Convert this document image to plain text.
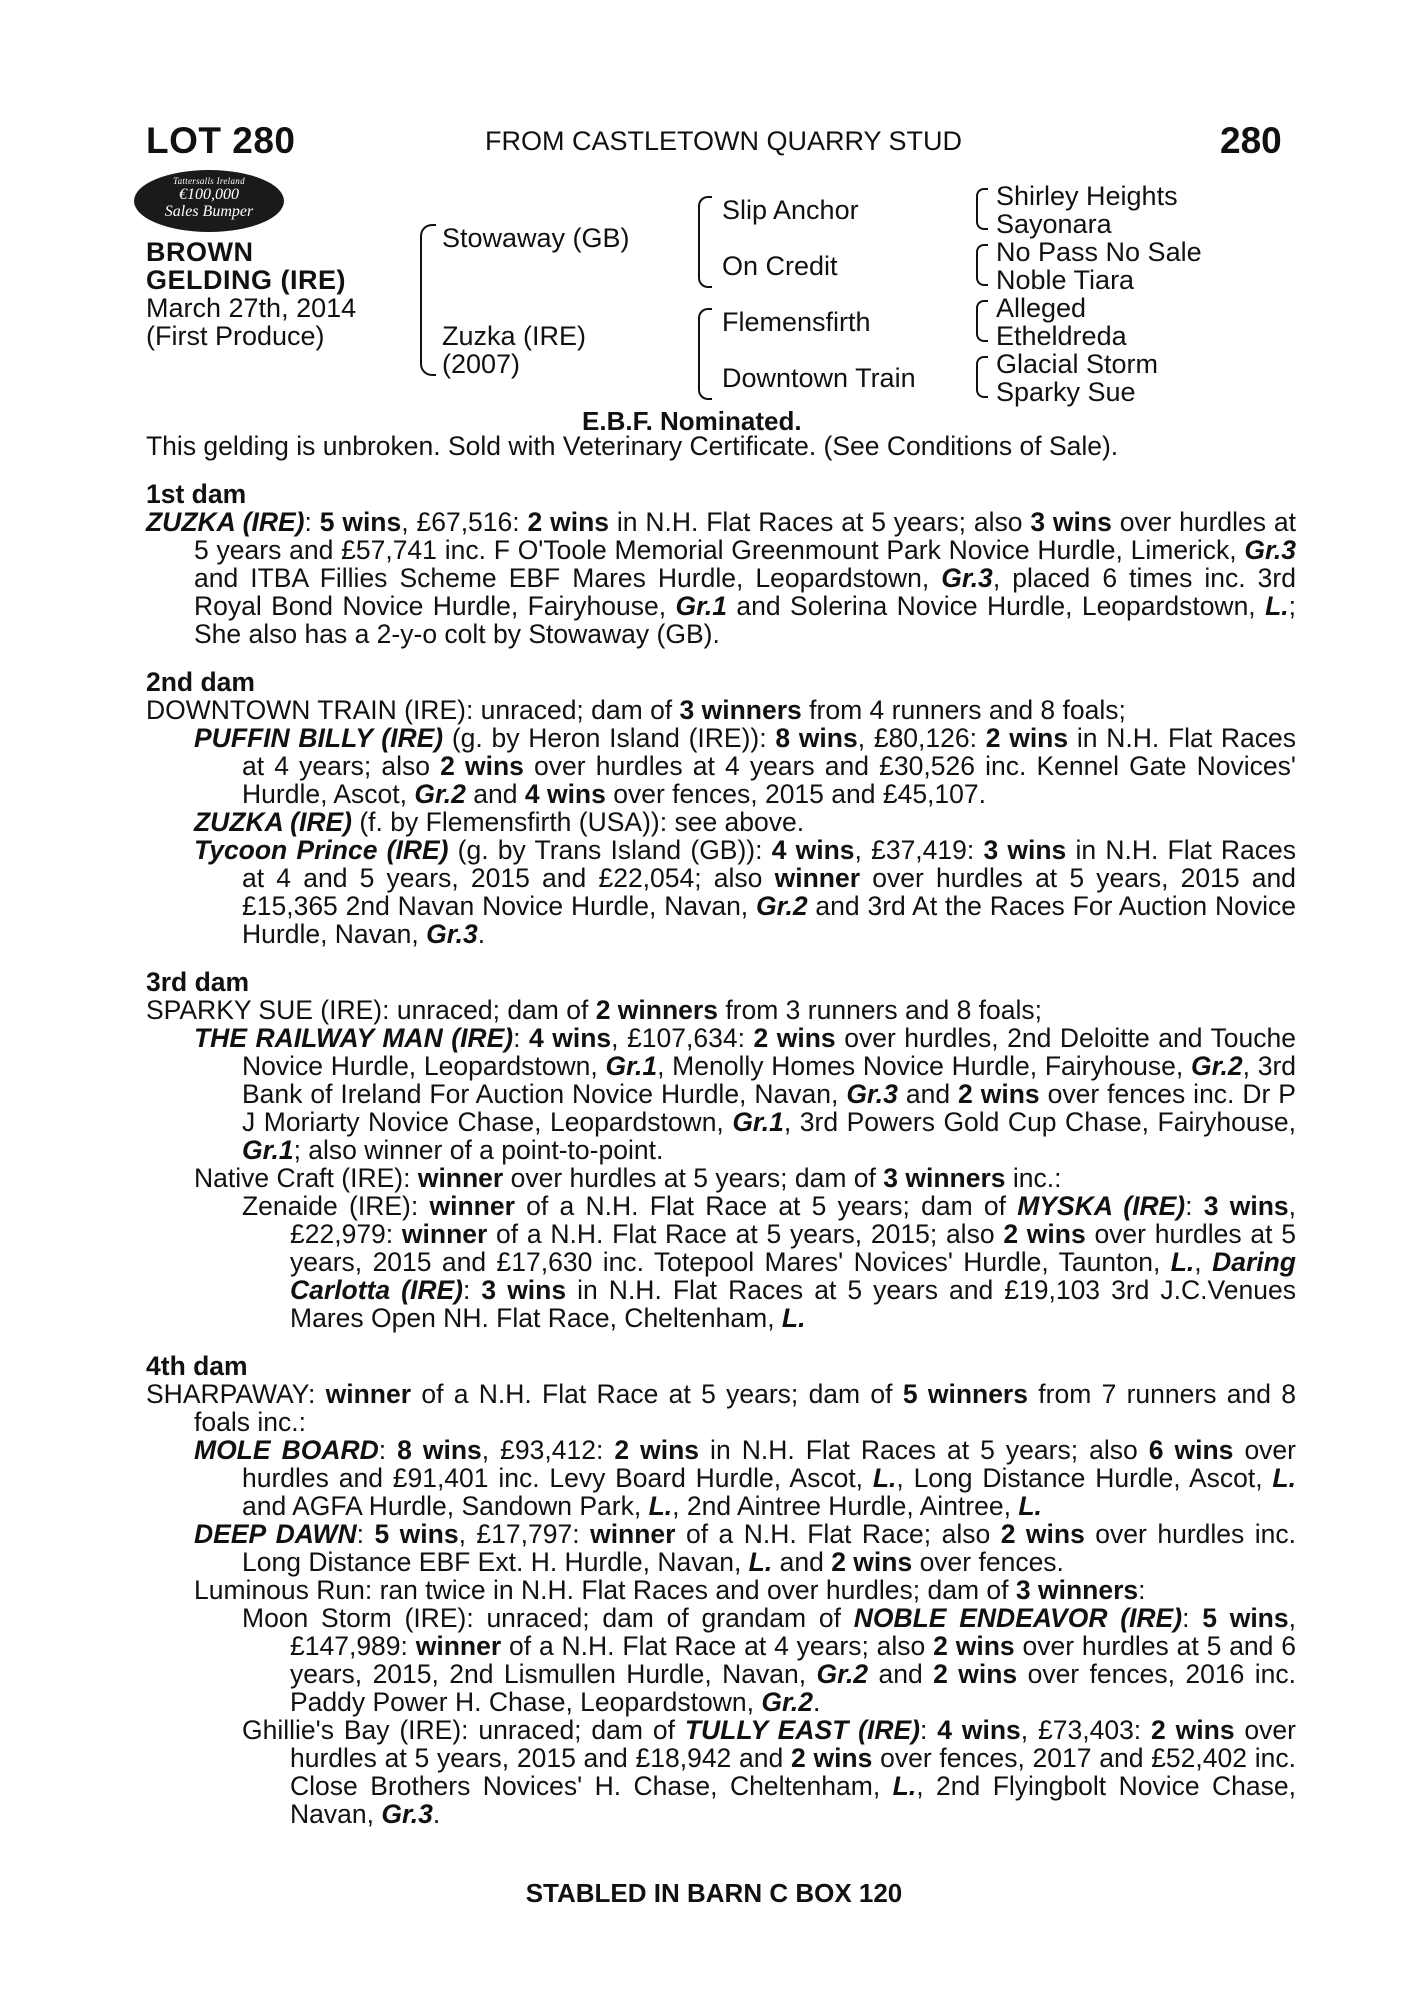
LOT 280	FROM CASTLETOWN QUARRY STUD	280
Tattersalls Ireland
€100,000
Sales Bumper
BROWN
GELDING (IRE)
March 27th, 2014
(First Produce)
Stowaway (GB)
Zuzka (IRE)
(2007)
Slip Anchor
On Credit
Flemensfirth
Downtown Train
Shirley Heights
Sayonara
No Pass No Sale
Noble Tiara
Alleged
Etheldreda
Glacial Storm
Sparky Sue
E.B.F. Nominated.

This gelding is unbroken. Sold with Veterinary Certificate. (See Conditions of Sale).

1st dam

ZUZKA (IRE): 5 wins, £67,516: 2 wins in N.H. Flat Races at 5 years; also 3 wins over hurdles at 5 years and £57,741 inc. F O'Toole Memorial Greenmount Park Novice Hurdle, Limerick, Gr.3 and ITBA Fillies Scheme EBF Mares Hurdle, Leopardstown, Gr.3, placed 6 times inc. 3rd Royal Bond Novice Hurdle, Fairyhouse, Gr.1 and Solerina Novice Hurdle, Leopardstown, L.; She also has a 2-y-o colt by Stowaway (GB).

2nd dam

DOWNTOWN TRAIN (IRE): unraced; dam of 3 winners from 4 runners and 8 foals;

PUFFIN BILLY (IRE) (g. by Heron Island (IRE)): 8 wins, £80,126: 2 wins in N.H. Flat Races at 4 years; also 2 wins over hurdles at 4 years and £30,526 inc. Kennel Gate Novices' Hurdle, Ascot, Gr.2 and 4 wins over fences, 2015 and £45,107.

ZUZKA (IRE) (f. by Flemensfirth (USA)): see above.

Tycoon Prince (IRE) (g. by Trans Island (GB)): 4 wins, £37,419: 3 wins in N.H. Flat Races at 4 and 5 years, 2015 and £22,054; also winner over hurdles at 5 years, 2015 and £15,365 2nd Navan Novice Hurdle, Navan, Gr.2 and 3rd At the Races For Auction Novice Hurdle, Navan, Gr.3.

3rd dam

SPARKY SUE (IRE): unraced; dam of 2 winners from 3 runners and 8 foals;

THE RAILWAY MAN (IRE): 4 wins, £107,634: 2 wins over hurdles, 2nd Deloitte and Touche Novice Hurdle, Leopardstown, Gr.1, Menolly Homes Novice Hurdle, Fairyhouse, Gr.2, 3rd Bank of Ireland For Auction Novice Hurdle, Navan, Gr.3 and 2 wins over fences inc. Dr P J Moriarty Novice Chase, Leopardstown, Gr.1, 3rd Powers Gold Cup Chase, Fairyhouse, Gr.1; also winner of a point-to-point.

Native Craft (IRE): winner over hurdles at 5 years; dam of 3 winners inc.:

Zenaide (IRE): winner of a N.H. Flat Race at 5 years; dam of MYSKA (IRE): 3 wins, £22,979: winner of a N.H. Flat Race at 5 years, 2015; also 2 wins over hurdles at 5 years, 2015 and £17,630 inc. Totepool Mares' Novices' Hurdle, Taunton, L., Daring Carlotta (IRE): 3 wins in N.H. Flat Races at 5 years and £19,103 3rd J.C.Venues Mares Open NH. Flat Race, Cheltenham, L.

4th dam

SHARPAWAY: winner of a N.H. Flat Race at 5 years; dam of 5 winners from 7 runners and 8 foals inc.:

MOLE BOARD: 8 wins, £93,412: 2 wins in N.H. Flat Races at 5 years; also 6 wins over hurdles and £91,401 inc. Levy Board Hurdle, Ascot, L., Long Distance Hurdle, Ascot, L. and AGFA Hurdle, Sandown Park, L., 2nd Aintree Hurdle, Aintree, L.

DEEP DAWN: 5 wins, £17,797: winner of a N.H. Flat Race; also 2 wins over hurdles inc. Long Distance EBF Ext. H. Hurdle, Navan, L. and 2 wins over fences.

Luminous Run: ran twice in N.H. Flat Races and over hurdles; dam of 3 winners:

Moon Storm (IRE): unraced; dam of grandam of NOBLE ENDEAVOR (IRE): 5 wins, £147,989: winner of a N.H. Flat Race at 4 years; also 2 wins over hurdles at 5 and 6 years, 2015, 2nd Lismullen Hurdle, Navan, Gr.2 and 2 wins over fences, 2016 inc. Paddy Power H. Chase, Leopardstown, Gr.2.

Ghillie's Bay (IRE): unraced; dam of TULLY EAST (IRE): 4 wins, £73,403: 2 wins over hurdles at 5 years, 2015 and £18,942 and 2 wins over fences, 2017 and £52,402 inc. Close Brothers Novices' H. Chase, Cheltenham, L., 2nd Flyingbolt Novice Chase, Navan, Gr.3.

STABLED IN BARN C BOX 120
